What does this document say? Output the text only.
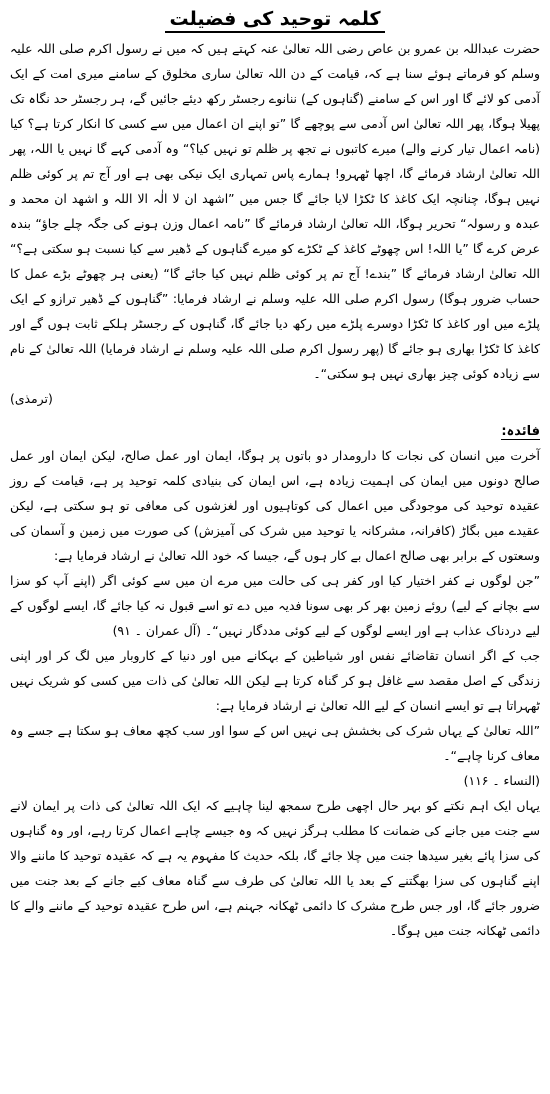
کلمہ توحید کی فضیلت

حضرت عبداللہ بن عمرو بن عاص رضی اللہ تعالیٰ عنہ کہتے ہیں کہ میں نے رسول اکرم صلی اللہ علیہ وسلم کو فرماتے ہوئے سنا ہے کہ، قیامت کے دن اللہ تعالیٰ ساری مخلوق کے سامنے میری امت کے ایک آدمی کو لائے گا اور اس کے سامنے (گناہوں کے) ننانوے رجسٹر رکھ دیئے جائیں گے، ہر رجسٹر حد نگاہ تک پھیلا ہوگا، پھر اللہ تعالیٰ اس آدمی سے پوچھے گا ”تو اپنے ان اعمال میں سے کسی کا انکار کرتا ہے؟ کیا (نامہ اعمال تیار کرنے والے) میرے کاتبوں نے تجھ پر ظلم تو نہیں کیا؟“ وہ آدمی کہے گا نہیں یا اللہ، پھر اللہ تعالیٰ ارشاد فرمائے گا، اچھا ٹھہرو! ہمارے پاس تمہاری ایک نیکی بھی ہے اور آج تم پر کوئی ظلم نہیں ہوگا، چنانچہ ایک کاغذ کا ٹکڑا لایا جائے گا جس میں ”اشھد ان لا الٰہ الا اللہ و اشھد ان محمد و عبدہ و رسولہ“ تحریر ہوگا، اللہ تعالیٰ ارشاد فرمائے گا ”نامہ اعمال وزن ہونے کی جگہ چلے جاؤ“ بندہ عرض کرے گا ”یا اللہ! اس چھوٹے کاغذ کے ٹکڑے کو میرے گناہوں کے ڈھیر سے کیا نسبت ہو سکتی ہے؟“ اللہ تعالیٰ ارشاد فرمائے گا ”بندے! آج تم پر کوئی ظلم نہیں کیا جائے گا“ (یعنی ہر چھوٹے بڑے عمل کا حساب ضرور ہوگا) رسول اکرم صلی اللہ علیہ وسلم نے ارشاد فرمایا: ”گناہوں کے ڈھیر ترازو کے ایک پلڑے میں اور کاغذ کا ٹکڑا دوسرے پلڑے میں رکھ دیا جائے گا، گناہوں کے رجسٹر ہلکے ثابت ہوں گے اور کاغذ کا ٹکڑا بھاری ہو جائے گا (پھر رسول اکرم صلی اللہ علیہ وسلم نے ارشاد فرمایا) اللہ تعالیٰ کے نام سے زیادہ کوئی چیز بھاری نہیں ہو سکتی“۔

(ترمذی)

فائدہ:

آخرت میں انسان کی نجات کا دارومدار دو باتوں پر ہوگا، ایمان اور عمل صالح، لیکن ایمان اور عمل صالح دونوں میں ایمان کی اہمیت زیادہ ہے، اس ایمان کی بنیادی کلمہ توحید پر ہے، قیامت کے روز عقیدہ توحید کی موجودگی میں اعمال کی کوتاہیوں اور لغزشوں کی معافی تو ہو سکتی ہے، لیکن عقیدے میں بگاڑ (کافرانہ، مشرکانہ یا توحید میں شرک کی آمیزش) کی صورت میں زمین و آسمان کی وسعتوں کے برابر بھی صالح اعمال بے کار ہوں گے، جیسا کہ خود اللہ تعالیٰ نے ارشاد فرمایا ہے:

”جن لوگوں نے کفر اختیار کیا اور کفر ہی کی حالت میں مرے ان میں سے کوئی اگر (اپنے آپ کو سزا سے بچانے کے لیے) روئے زمین بھر کر بھی سونا فدیہ میں دے تو اسے قبول نہ کیا جائے گا، ایسے لوگوں کے لیے دردناک عذاب ہے اور ایسے لوگوں کے لیے کوئی مددگار نہیں“۔ (آل عمران ۔ ۹۱)

جب کے اگر انسان تقاضائے نفس اور شیاطین کے بہکانے میں اور دنیا کے کاروبار میں لگ کر اور اپنی زندگی کے اصل مقصد سے غافل ہو کر گناہ کرتا ہے لیکن اللہ تعالیٰ کی ذات میں کسی کو شریک نہیں ٹھہراتا ہے تو ایسے انسان کے لیے اللہ تعالیٰ نے ارشاد فرمایا ہے:

”اللہ تعالیٰ کے یہاں شرک کی بخشش ہی نہیں اس کے سوا اور سب کچھ معاف ہو سکتا ہے جسے وہ معاف کرنا چاہے“۔

(النساء ۔ ۱۱۶)

یہاں ایک اہم نکتے کو بہر حال اچھی طرح سمجھ لینا چاہیے کہ ایک اللہ تعالیٰ کی ذات پر ایمان لانے سے جنت میں جانے کی ضمانت کا مطلب ہرگز نہیں کہ وہ جیسے چاہے اعمال کرتا رہے، اور وہ گناہوں کی سزا پائے بغیر سیدھا جنت میں چلا جائے گا، بلکہ حدیث کا مفہوم یہ ہے کہ عقیدہ توحید کا ماننے والا اپنے گناہوں کی سزا بھگتنے کے بعد یا اللہ تعالیٰ کی طرف سے گناہ معاف کیے جانے کے بعد جنت میں ضرور جائے گا، اور جس طرح مشرک کا دائمی ٹھکانہ جہنم ہے، اس طرح عقیدہ توحید کے ماننے والے کا دائمی ٹھکانہ جنت میں ہوگا۔
